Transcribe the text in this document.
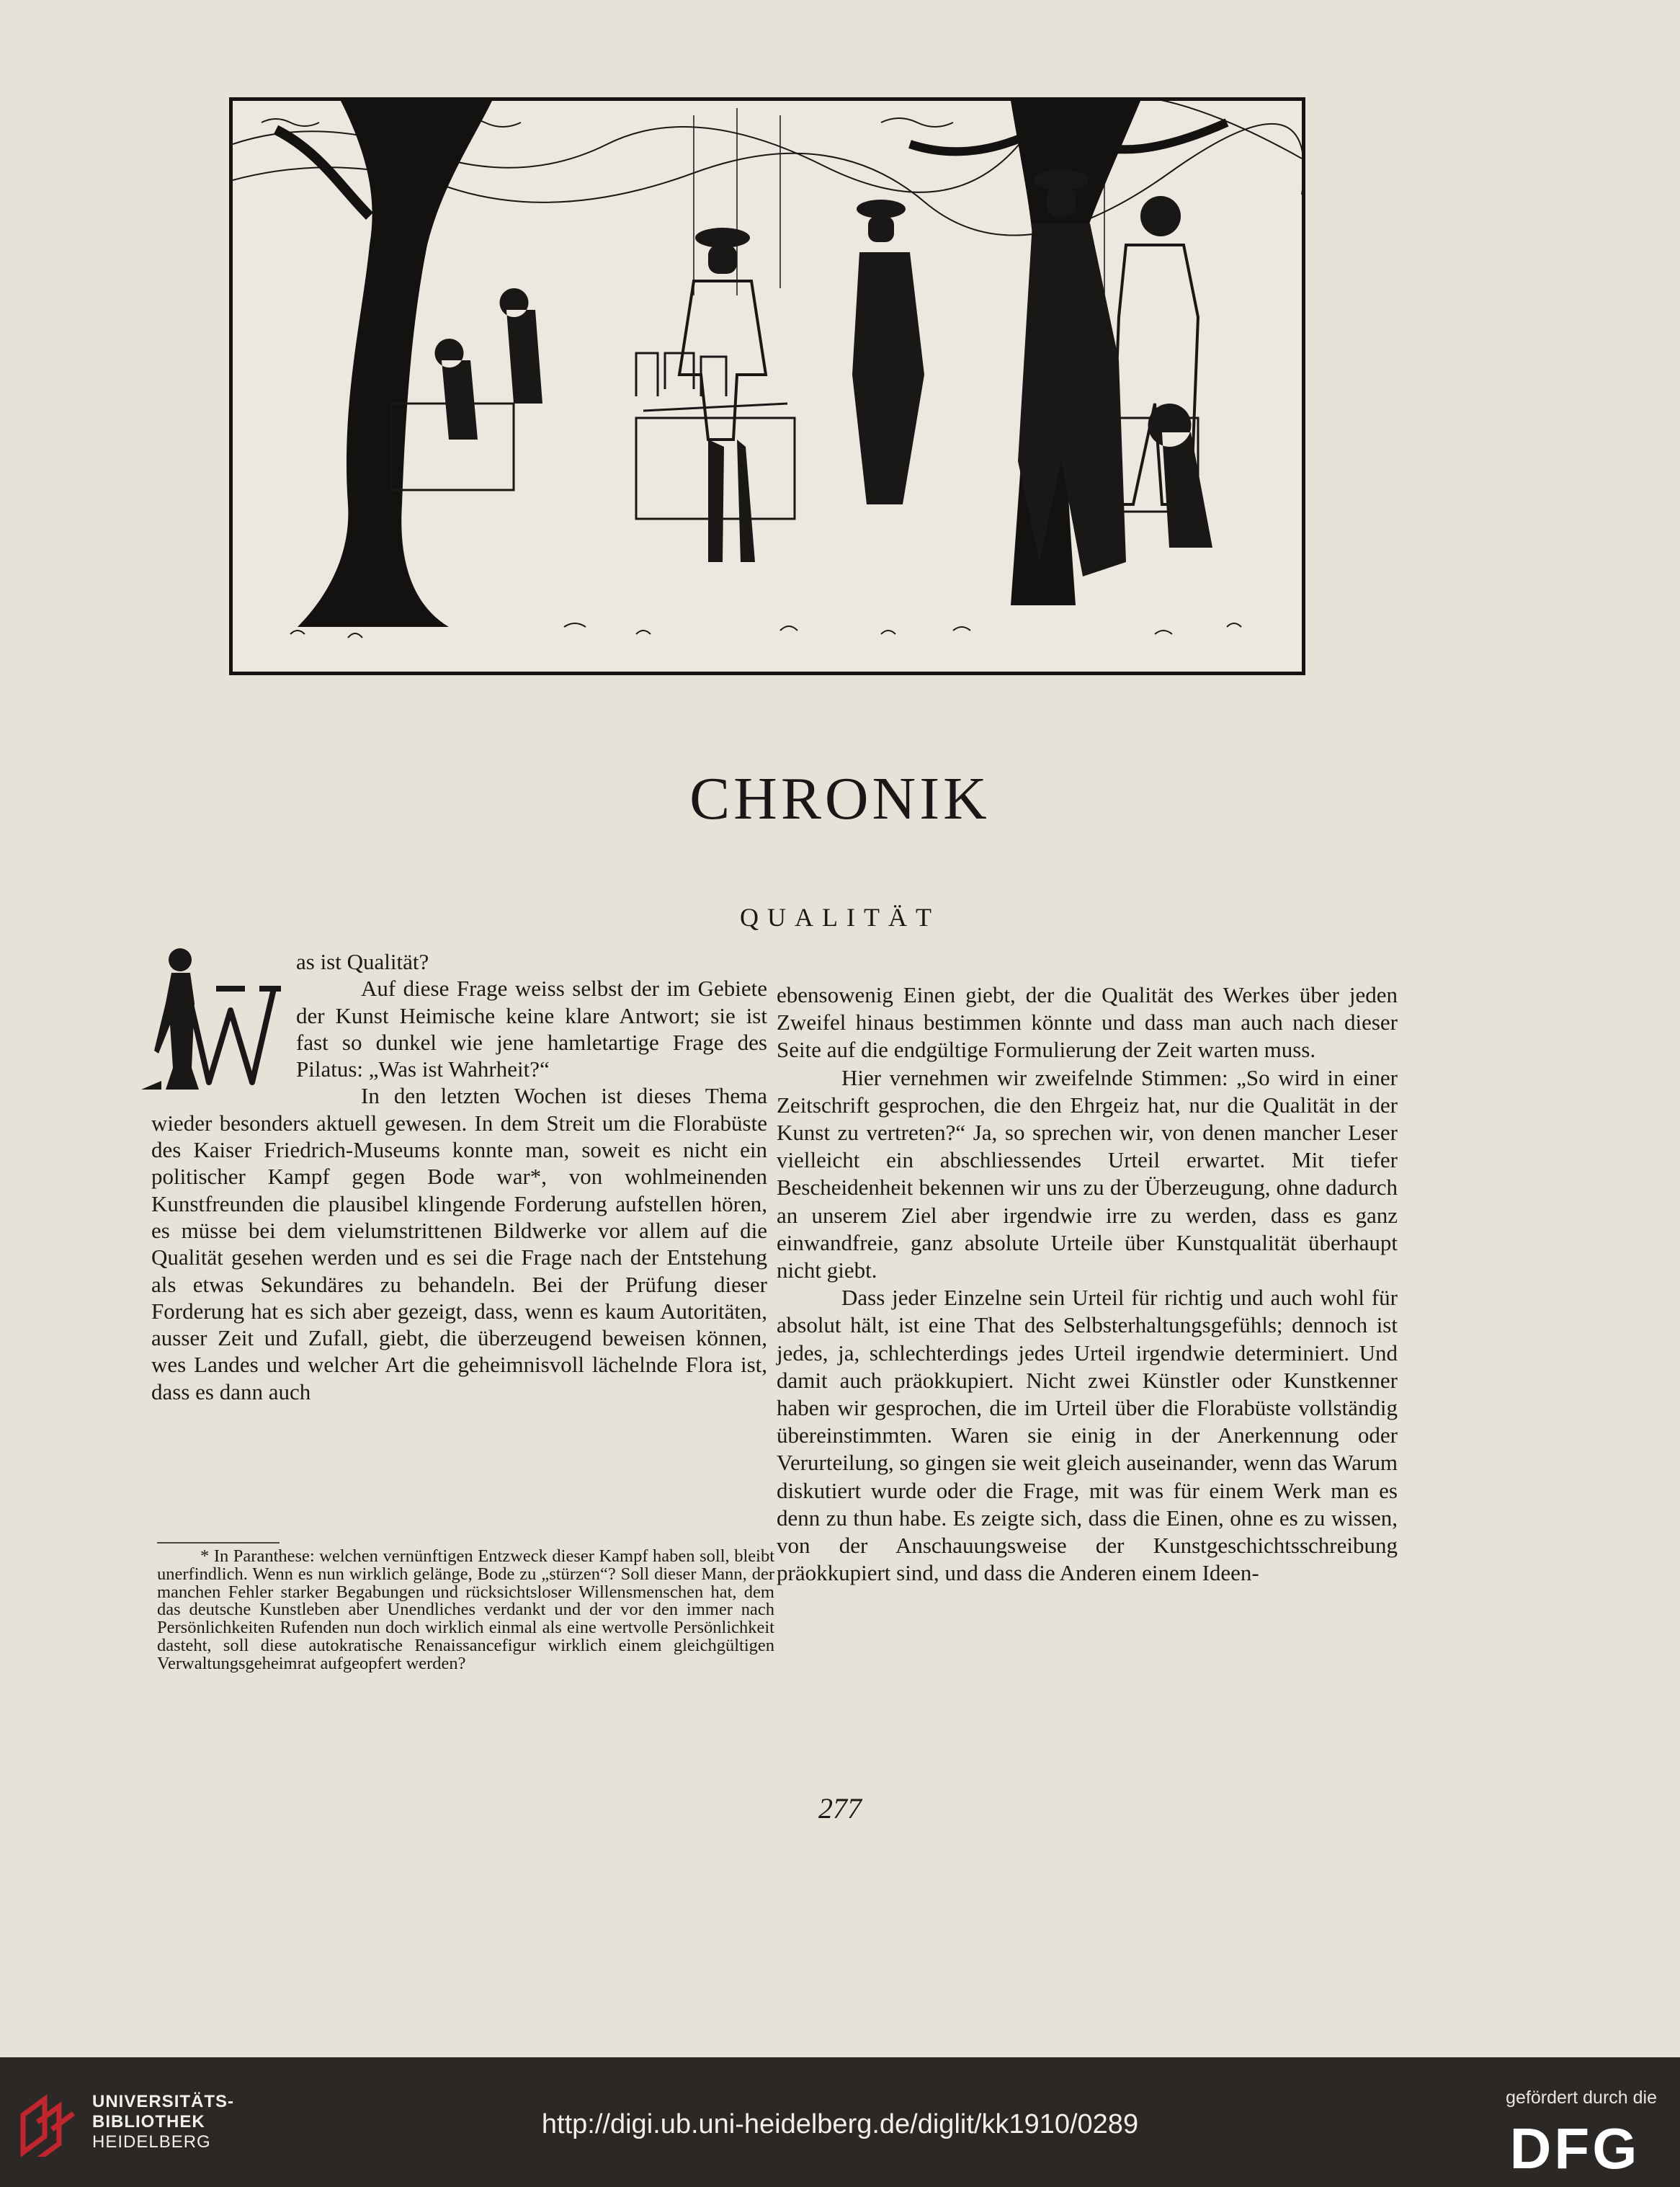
CHRONIK
QUALITÄT

as ist Qualität?

Auf diese Frage weiss selbst der im Gebiete der Kunst Heimische keine klare Antwort; sie ist fast so dunkel wie jene hamletartige Frage des Pilatus: „Was ist Wahrheit?“

In den letzten Wochen ist dieses Thema wieder besonders aktuell gewesen. In dem Streit um die Florabüste des Kaiser Friedrich-Museums konnte man, soweit es nicht ein politischer Kampf gegen Bode war*, von wohlmeinenden Kunstfreunden die plausibel klingende Forderung aufstellen hören, es müsse bei dem vielumstrittenen Bildwerke vor allem auf die Qualität gesehen werden und es sei die Frage nach der Entstehung als etwas Sekundäres zu behandeln. Bei der Prüfung dieser Forderung hat es sich aber gezeigt, dass, wenn es kaum Autoritäten, ausser Zeit und Zufall, giebt, die überzeugend beweisen können, wes Landes und welcher Art die geheimnisvoll lächelnde Flora ist, dass es dann auch

ebensowenig Einen giebt, der die Qualität des Werkes über jeden Zweifel hinaus bestimmen könnte und dass man auch nach dieser Seite auf die endgültige Formulierung der Zeit warten muss.

Hier vernehmen wir zweifelnde Stimmen: „So wird in einer Zeitschrift gesprochen, die den Ehrgeiz hat, nur die Qualität in der Kunst zu vertreten?“ Ja, so sprechen wir, von denen mancher Leser vielleicht ein abschliessendes Urteil erwartet. Mit tiefer Bescheidenheit bekennen wir uns zu der Überzeugung, ohne dadurch an unserem Ziel aber irgendwie irre zu werden, dass es ganz einwandfreie, ganz absolute Urteile über Kunstqualität überhaupt nicht giebt.

Dass jeder Einzelne sein Urteil für richtig und auch wohl für absolut hält, ist eine That des Selbsterhaltungsgefühls; dennoch ist jedes, ja, schlechterdings jedes Urteil irgendwie determiniert. Und damit auch präokkupiert. Nicht zwei Künstler oder Kunstkenner haben wir gesprochen, die im Urteil über die Florabüste vollständig übereinstimmten. Waren sie einig in der Anerkennung oder Verurteilung, so gingen sie weit gleich auseinander, wenn das Warum diskutiert wurde oder die Frage, mit was für einem Werk man es denn zu thun habe. Es zeigte sich, dass die Einen, ohne es zu wissen, von der Anschauungsweise der Kunstgeschichtsschreibung präokkupiert sind, und dass die Anderen einem Ideen-

* In Paranthese: welchen vernünftigen Entzweck dieser Kampf haben soll, bleibt unerfindlich. Wenn es nun wirklich gelänge, Bode zu „stürzen“? Soll dieser Mann, der manchen Fehler starker Begabungen und rücksichtsloser Willensmenschen hat, dem das deutsche Kunstleben aber Unendliches verdankt und der vor den immer nach Persönlichkeiten Rufenden nun doch wirklich einmal als eine wertvolle Persönlichkeit dasteht, soll diese autokratische Renaissancefigur wirklich einem gleichgültigen Verwaltungsgeheimrat aufgeopfert werden?

277
UNIVERSITÄTS-
BIBLIOTHEK
HEIDELBERG
http://digi.ub.uni-heidelberg.de/diglit/kk1910/0289
gefördert durch die
DFG
